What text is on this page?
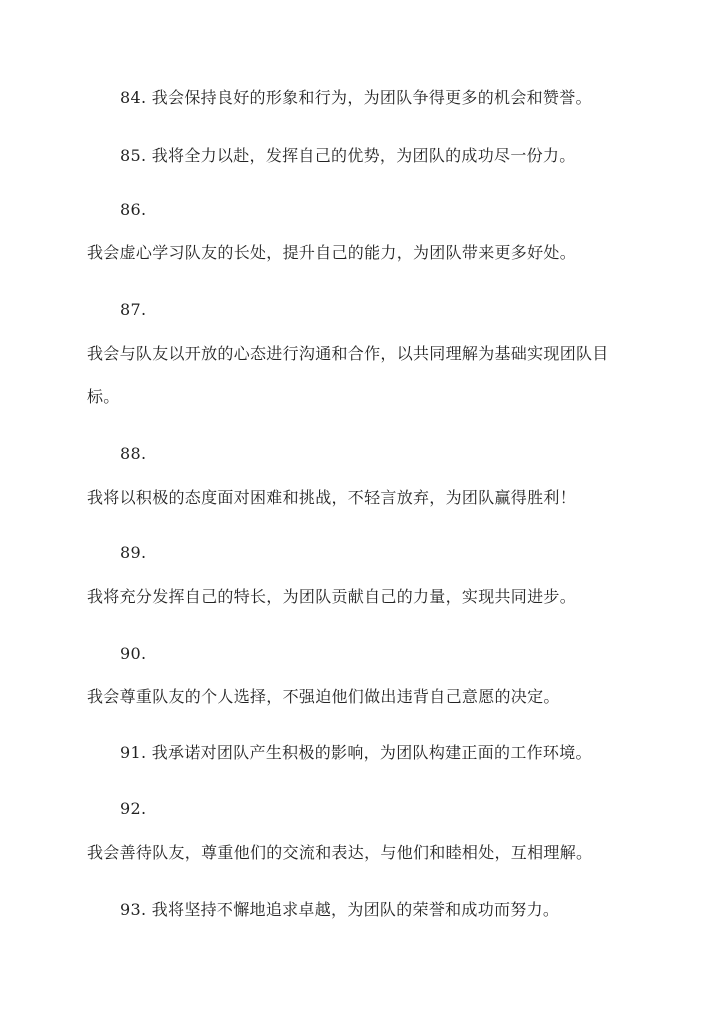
84. 我会保持良好的形象和行为，为团队争得更多的机会和赞誉。
85. 我将全力以赴，发挥自己的优势，为团队的成功尽一份力。
86.
我会虚心学习队友的长处，提升自己的能力，为团队带来更多好处。
87.
我会与队友以开放的心态进行沟通和合作，以共同理解为基础实现团队目
标。
88.
我将以积极的态度面对困难和挑战，不轻言放弃，为团队赢得胜利！
89.
我将充分发挥自己的特长，为团队贡献自己的力量，实现共同进步。
90.
我会尊重队友的个人选择，不强迫他们做出违背自己意愿的决定。
91. 我承诺对团队产生积极的影响，为团队构建正面的工作环境。
92.
我会善待队友，尊重他们的交流和表达，与他们和睦相处，互相理解。
93. 我将坚持不懈地追求卓越，为团队的荣誉和成功而努力。
